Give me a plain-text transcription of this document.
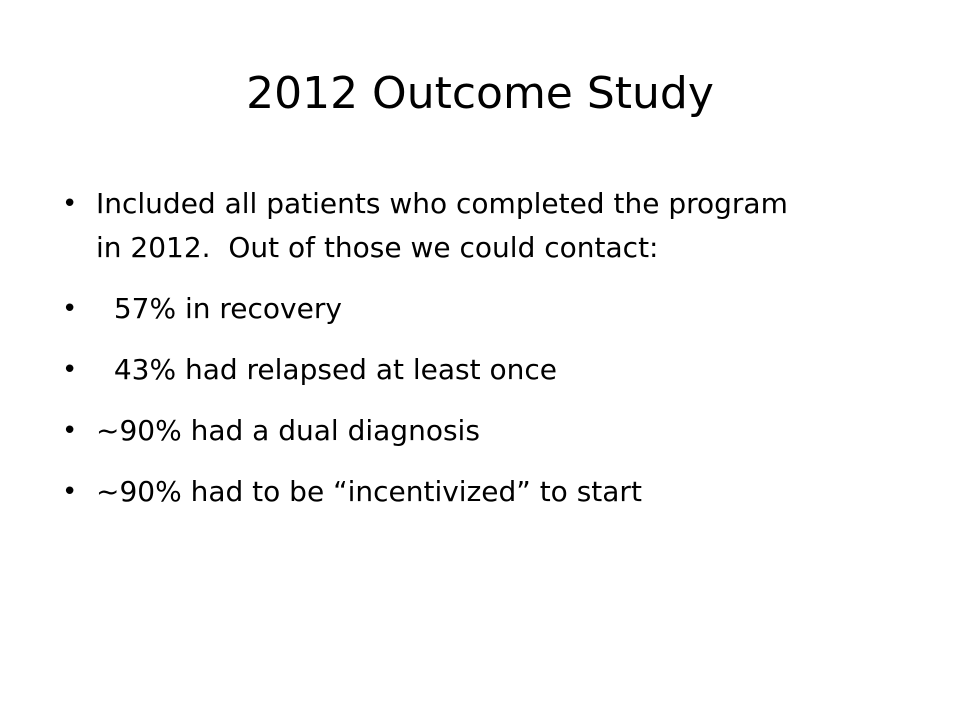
2012 Outcome Study
• Included all patients who completed the program in 2012.  Out of those we could contact:
• 57% in recovery
• 43% had relapsed at least once
• ~90% had a dual diagnosis
• ~90% had to be “incentivized” to start
